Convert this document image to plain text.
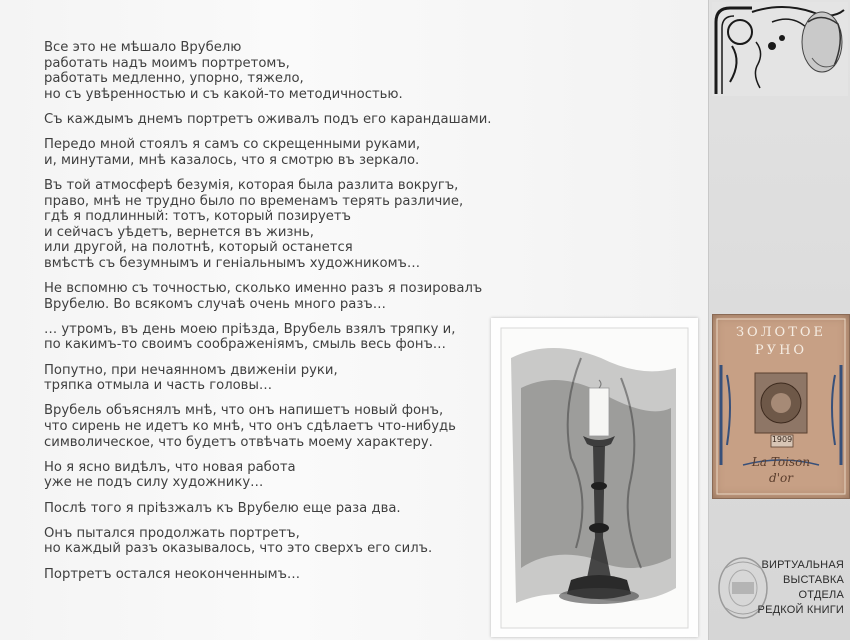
Все это не мѣшало Врубелю
работать надъ моимъ портретомъ,
работать медленно, упорно, тяжело,
но съ увѣренностью и съ какой-то методичностью.

Съ каждымъ днемъ портретъ оживалъ подъ его карандашами.

Передо мной стоялъ я самъ со скрещенными руками,
и, минутами, мнѣ казалось, что я смотрю въ зеркало.

Въ той атмосферѣ безумія, которая была разлита вокругъ,
право, мнѣ не трудно было по временамъ терять различие,
гдѣ я подлинный: тотъ, который позируетъ
и сейчасъ уѣдетъ, вернется въ жизнь,
или другой, на полотнѣ, который останется
вмѣстѣ съ безумнымъ и геніальнымъ художникомъ…

Не вспомню съ точностью, сколько именно разъ я позировалъ
Врубелю. Во всякомъ случаѣ очень много разъ…

… утромъ, въ день моею пріѣзда, Врубель взялъ тряпку и,
по какимъ-то своимъ соображеніямъ, смыль весь фонъ…

Попутно, при нечаянномъ движеніи руки,
тряпка отмыла и часть головы…

Врубель объяснялъ мнѣ, что онъ напишетъ новый фонъ,
что сирень не идетъ ко мнѣ, что онъ сдѣлаетъ что-нибудь
символическое, что будетъ отвѣчать моему характеру.

Но я ясно видѣлъ, что новая работа
уже не подъ силу художнику…

Послѣ того я пріѣзжалъ къ Врубелю еще раза два.

Онъ пытался продолжать портретъ,
но каждый разъ оказывалось, что это сверхъ его силъ.

Портретъ остался неоконченнымъ…

ЗОЛОТОЕ
РУНО
1909
La Toison
d'or
ВИРТУАЛЬНАЯ
ВЫСТАВКА
ОТДЕЛА
РЕДКОЙ КНИГИ
